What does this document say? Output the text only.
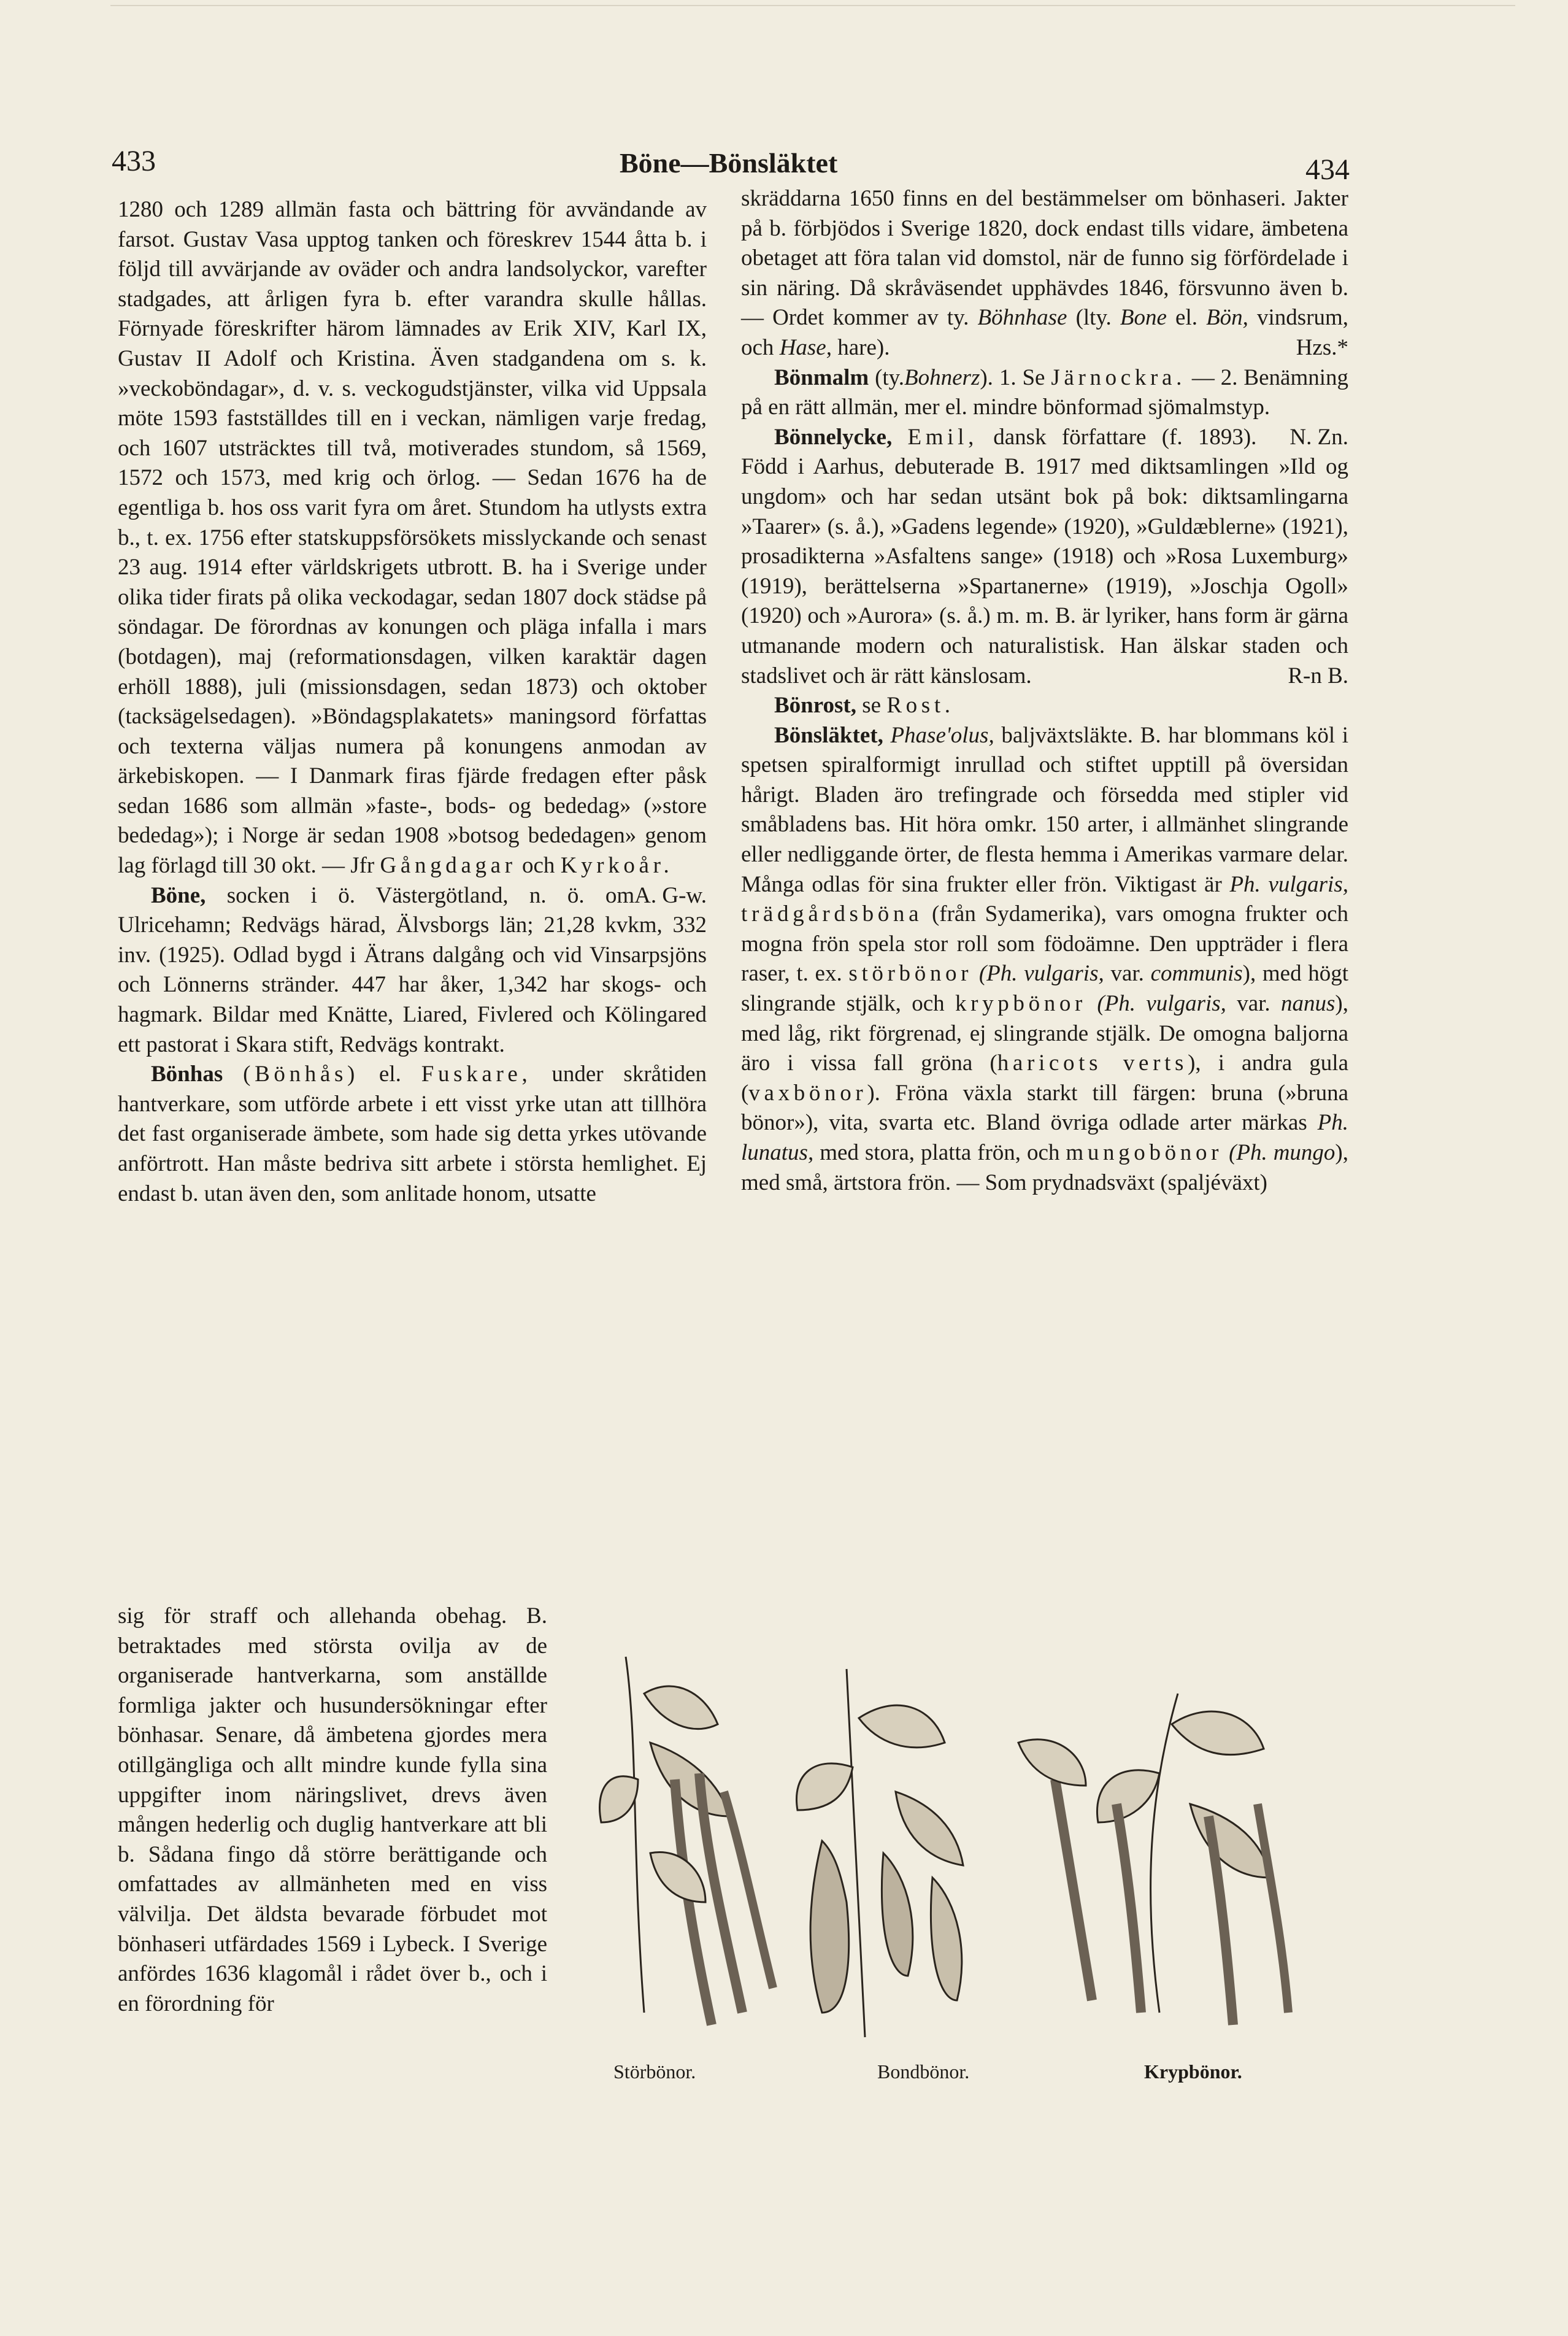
433	Böne—Bönsläktet	434

1280 och 1289 allmän fasta och bättring för avvändande av farsot. Gustav Vasa upptog tanken och föreskrev 1544 åtta b. i följd till avvärjande av oväder och andra landsolyckor, varefter stadgades, att årligen fyra b. efter varandra skulle hållas. Förnyade föreskrifter härom lämnades av Erik XIV, Karl IX, Gustav II Adolf och Kristina. Även stadgandena om s. k. »veckoböndagar», d. v. s. veckogudstjänster, vilka vid Uppsala möte 1593 fastställdes till en i veckan, nämligen varje fredag, och 1607 utsträcktes till två, motiverades stundom, så 1569, 1572 och 1573, med krig och örlog. — Sedan 1676 ha de egentliga b. hos oss varit fyra om året. Stundom ha utlysts extra b., t. ex. 1756 efter statskuppsförsökets misslyckande och senast 23 aug. 1914 efter världskrigets utbrott. B. ha i Sverige under olika tider firats på olika veckodagar, sedan 1807 dock städse på söndagar. De förordnas av konungen och pläga infalla i mars (botdagen), maj (reformationsdagen, vilken karaktär dagen erhöll 1888), juli (missionsdagen, sedan 1873) och oktober (tacksägelsedagen). »Böndagsplakatets» maningsord författas och texterna väljas numera på konungens anmodan av ärkebiskopen. — I Danmark firas fjärde fredagen efter påsk sedan 1686 som allmän »faste-, bods- og bededag» (»store bededag»); i Norge är sedan 1908 »botsog bededagen» genom lag förlagd till 30 okt. — Jfr Gångdagar och Kyrkoår.
A. G-w.

Böne, socken i ö. Västergötland, n. ö. om Ulricehamn; Redvägs härad, Älvsborgs län; 21,28 kvkm, 332 inv. (1925). Odlad bygd i Ätrans dalgång och vid Vinsarpsjöns och Lönnerns stränder. 447 har åker, 1,342 har skogs- och hagmark. Bildar med Knätte, Liared, Fivlered och Kölingared ett pastorat i Skara stift, Redvägs kontrakt.

Bönhas (Bönhås) el. Fuskare, under skråtiden hantverkare, som utförde arbete i ett visst yrke utan att tillhöra det fast organiserade ämbete, som hade sig detta yrkes utövande anförtrott. Han måste bedriva sitt arbete i största hemlighet. Ej endast b. utan även den, som anlitade honom, utsatte

sig för straff och allehanda obehag. B. betraktades med största ovilja av de organiserade hantverkarna, som anställde formliga jakter och husundersökningar efter bönhasar. Senare, då ämbetena gjordes mera otillgängliga och allt mindre kunde fylla sina uppgifter inom näringslivet, drevs även mången hederlig och duglig hantverkare att bli b. Sådana fingo då större berättigande och omfattades av allmänheten med en viss välvilja. Det äldsta bevarade förbudet mot bönhaseri utfärdades 1569 i Lybeck. I Sverige anfördes 1636 klagomål i rådet över b., och i en förordning för

skräddarna 1650 finns en del bestämmelser om bönhaseri. Jakter på b. förbjödos i Sverige 1820, dock endast tills vidare, ämbetena obetaget att föra talan vid domstol, när de funno sig förfördelade i sin näring. Då skråväsendet upphävdes 1846, försvunno även b. — Ordet kommer av ty. Böhnhase (lty. Bone el. Bön, vindsrum, och Hase, hare).	Hzs.*

Bönmalm (ty.Bohnerz). 1. Se Järnockra. — 2. Benämning på en rätt allmän, mer el. mindre bönformad sjömalmstyp.
N. Zn.

Bönnelycke, Emil, dansk författare (f. 1893). Född i Aarhus, debuterade B. 1917 med diktsamlingen »Ild og ungdom» och har sedan utsänt bok på bok: diktsamlingarna »Taarer» (s. å.), »Gadens legende» (1920), »Guldæblerne» (1921), prosadikterna »Asfaltens sange» (1918) och »Rosa Luxemburg» (1919), berättelserna »Spartanerne» (1919), »Joschja Ogoll» (1920) och »Aurora» (s. å.) m. m. B. är lyriker, hans form är gärna utmanande modern och naturalistisk. Han älskar staden och stadslivet och är rätt känslosam.	R-n B.

Bönrost, se Rost.

Bönsläktet, Phase'olus, baljväxtsläkte. B. har blommans köl i spetsen spiralformigt inrullad och stiftet upptill på översidan hårigt. Bladen äro trefingrade och försedda med stipler vid småbladens bas. Hit höra omkr. 150 arter, i allmänhet slingrande eller nedliggande örter, de flesta hemma i Amerikas varmare delar. Många odlas för sina frukter eller frön. Viktigast är Ph. vulgaris, trädgårdsböna (från Sydamerika), vars omogna frukter och mogna frön spela stor roll som födoämne. Den uppträder i flera raser, t. ex. störbönor (Ph. vulgaris, var. communis), med högt slingrande stjälk, och krypbönor (Ph. vulgaris, var. nanus), med låg, rikt förgrenad, ej slingrande stjälk. De omogna baljorna äro i vissa fall gröna (haricots verts), i andra gula (vaxbönor). Fröna växla starkt till färgen: bruna (»bruna bönor»), vita, svarta etc. Bland övriga odlade arter märkas Ph. lunatus, med stora, platta frön, och mungobönor (Ph. mungo), med små, ärtstora frön. — Som prydnadsväxt (spaljéväxt)

Störbönor.	Bondbönor.	Krypbönor.
